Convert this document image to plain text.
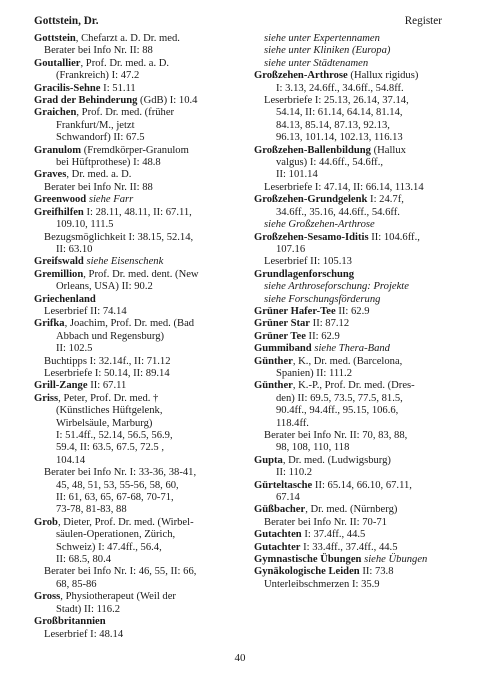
Gottstein, Dr.	Register
Gottstein, Chefarzt a. D. Dr. med.
Berater bei Info Nr. II: 88
Goutallier, Prof. Dr. med. a. D.
(Frankreich) I: 47.2
Gracilis-Sehne I: 51.11
Grad der Behinderung (GdB) I: 10.4
Graichen, Prof. Dr. med. (früher
Frankfurt/M., jetzt
Schwandorf) II: 67.5
Granulom (Fremdkörper-Granulom
bei Hüftprothese) I: 48.8
Graves, Dr. med. a. D.
Berater bei Info Nr. II: 88
Greenwood siehe Farr
Greifhilfen I: 28.11, 48.11, II: 67.11,
109.10, 111.5
Bezugsmöglichkeit I: 38.15, 52.14,
II: 63.10
Greifswald siehe Eisenschenk
Gremillion, Prof. Dr. med. dent. (New
Orleans, USA) II: 90.2
Griechenland
Leserbrief II: 74.14
Grifka, Joachim, Prof. Dr. med. (Bad
Abbach und Regensburg)
II: 102.5
Buchtipps I: 32.14f., II: 71.12
Leserbriefe I: 50.14, II: 89.14
Grill-Zange II: 67.11
Griss, Peter, Prof. Dr. med. †
(Künstliches Hüftgelenk,
Wirbelsäule, Marburg)
I: 51.4ff., 52.14, 56.5, 56.9,
59.4, II: 63.5, 67.5, 72.5 ,
104.14
Berater bei Info Nr. I: 33-36, 38-41,
45, 48, 51, 53, 55-56, 58, 60,
II: 61, 63, 65, 67-68, 70-71,
73-78, 81-83, 88
Grob, Dieter, Prof. Dr. med. (Wirbel-
säulen-Operationen, Zürich,
Schweiz) I: 47.4ff., 56.4,
II: 68.5, 80.4
Berater bei Info Nr. I: 46, 55, II: 66,
68, 85-86
Gross, Physiotherapeut (Weil der
Stadt) II: 116.2
Großbritannien
Leserbrief I: 48.14
siehe unter Expertennamen
siehe unter Kliniken (Europa)
siehe unter Städtenamen
Großzehen-Arthrose (Hallux rigidus)
I: 3.13, 24.6ff., 34.6ff., 54.8ff.
Leserbriefe I: 25.13, 26.14, 37.14,
54.14, II: 61.14, 64.14, 81.14,
84.13, 85.14, 87.13, 92.13,
96.13, 101.14, 102.13, 116.13
Großzehen-Ballenbildung (Hallux
valgus) I: 44.6ff., 54.6ff.,
II: 101.14
Leserbriefe I: 47.14, II: 66.14, 113.14
Großzehen-Grundgelenk I: 24.7f,
34.6ff., 35.16, 44.6ff., 54.6ff.
siehe Großzehen-Arthrose
Großzehen-Sesamo-Iditis II: 104.6ff.,
107.16
Leserbrief II: 105.13
Grundlagenforschung
siehe Arthroseforschung: Projekte
siehe Forschungsförderung
Grüner Hafer-Tee II: 62.9
Grüner Star II: 87.12
Grüner Tee II: 62.9
Gummiband siehe Thera-Band
Günther, K., Dr. med. (Barcelona,
Spanien) II: 111.2
Günther, K.-P., Prof. Dr. med. (Dres-
den) II: 69.5, 73.5, 77.5, 81.5,
90.4ff., 94.4ff., 95.15, 106.6,
118.4ff.
Berater bei Info Nr. II: 70, 83, 88,
98, 108, 110, 118
Gupta, Dr. med. (Ludwigsburg)
II: 110.2
Gürteltasche II: 65.14, 66.10, 67.11,
67.14
Güßbacher, Dr. med. (Nürnberg)
Berater bei Info Nr. II: 70-71
Gutachten I: 37.4ff., 44.5
Gutachter I: 33.4ff., 37.4ff., 44.5
Gymnastische Übungen siehe Übungen
Gynäkologische Leiden II: 73.8
Unterleibschmerzen I: 35.9
40
